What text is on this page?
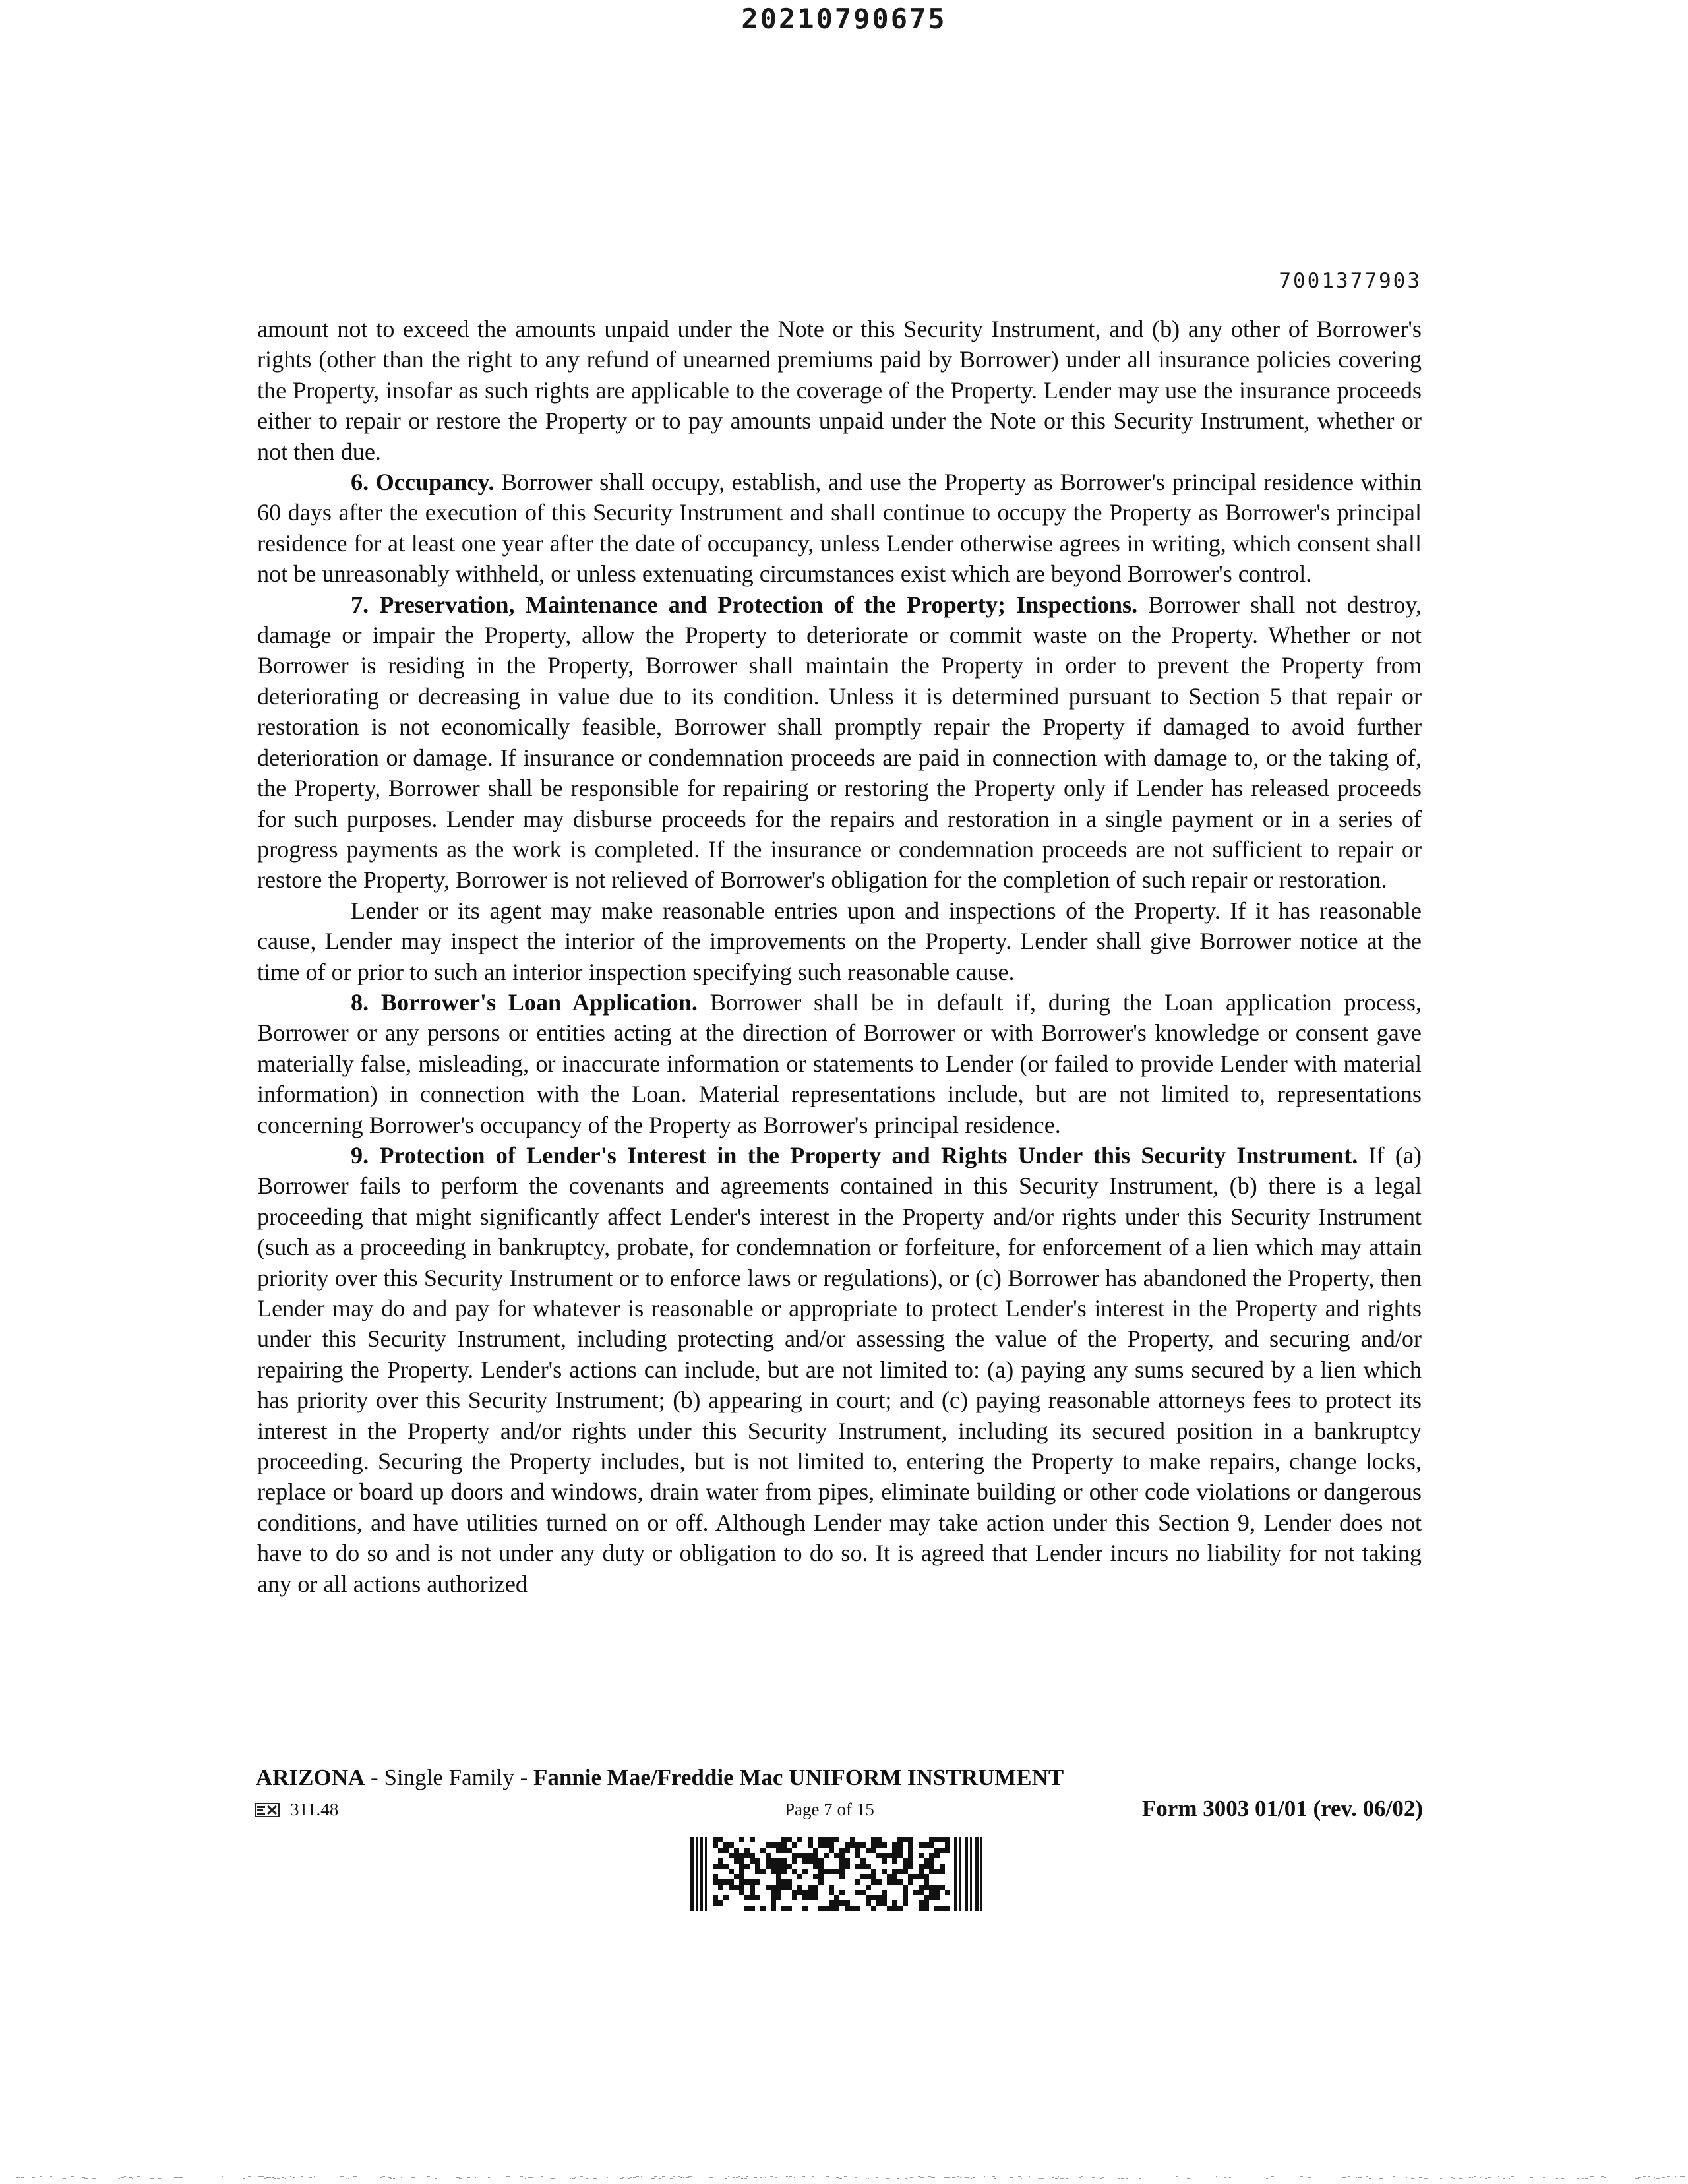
20210790675
7001377903

amount not to exceed the amounts unpaid under the Note or this Security Instrument, and (b) any other of Borrower's rights (other than the right to any refund of unearned premiums paid by Borrower) under all insurance policies covering the Property, insofar as such rights are applicable to the coverage of the Property. Lender may use the insurance proceeds either to repair or restore the Property or to pay amounts unpaid under the Note or this Security Instrument, whether or not then due.

6. Occupancy. Borrower shall occupy, establish, and use the Property as Borrower's principal residence within 60 days after the execution of this Security Instrument and shall continue to occupy the Property as Borrower's principal residence for at least one year after the date of occupancy, unless Lender otherwise agrees in writing, which consent shall not be unreasonably withheld, or unless extenuating circumstances exist which are beyond Borrower's control.

7. Preservation, Maintenance and Protection of the Property; Inspections. Borrower shall not destroy, damage or impair the Property, allow the Property to deteriorate or commit waste on the Property. Whether or not Borrower is residing in the Property, Borrower shall maintain the Property in order to prevent the Property from deteriorating or decreasing in value due to its condition. Unless it is determined pursuant to Section 5 that repair or restoration is not economically feasible, Borrower shall promptly repair the Property if damaged to avoid further deterioration or damage. If insurance or condemnation proceeds are paid in connection with damage to, or the taking of, the Property, Borrower shall be responsible for repairing or restoring the Property only if Lender has released proceeds for such purposes. Lender may disburse proceeds for the repairs and restoration in a single payment or in a series of progress payments as the work is completed. If the insurance or condemnation proceeds are not sufficient to repair or restore the Property, Borrower is not relieved of Borrower's obligation for the completion of such repair or restoration.

Lender or its agent may make reasonable entries upon and inspections of the Property. If it has reasonable cause, Lender may inspect the interior of the improvements on the Property. Lender shall give Borrower notice at the time of or prior to such an interior inspection specifying such reasonable cause.

8. Borrower's Loan Application. Borrower shall be in default if, during the Loan application process, Borrower or any persons or entities acting at the direction of Borrower or with Borrower's knowledge or consent gave materially false, misleading, or inaccurate information or statements to Lender (or failed to provide Lender with material information) in connection with the Loan. Material representations include, but are not limited to, representations concerning Borrower's occupancy of the Property as Borrower's principal residence.

9. Protection of Lender's Interest in the Property and Rights Under this Security Instrument. If (a) Borrower fails to perform the covenants and agreements contained in this Security Instrument, (b) there is a legal proceeding that might significantly affect Lender's interest in the Property and/or rights under this Security Instrument (such as a proceeding in bankruptcy, probate, for condemnation or forfeiture, for enforcement of a lien which may attain priority over this Security Instrument or to enforce laws or regulations), or (c) Borrower has abandoned the Property, then Lender may do and pay for whatever is reasonable or appropriate to protect Lender's interest in the Property and rights under this Security Instrument, including protecting and/or assessing the value of the Property, and securing and/or repairing the Property. Lender's actions can include, but are not limited to: (a) paying any sums secured by a lien which has priority over this Security Instrument; (b) appearing in court; and (c) paying reasonable attorneys fees to protect its interest in the Property and/or rights under this Security Instrument, including its secured position in a bankruptcy proceeding. Securing the Property includes, but is not limited to, entering the Property to make repairs, change locks, replace or board up doors and windows, drain water from pipes, eliminate building or other code violations or dangerous conditions, and have utilities turned on or off. Although Lender may take action under this Section 9, Lender does not have to do so and is not under any duty or obligation to do so. It is agreed that Lender incurs no liability for not taking any or all actions authorized

ARIZONA - Single Family - Fannie Mae/Freddie Mac UNIFORM INSTRUMENT
311.48	Page 7 of 15	Form 3003 01/01 (rev. 06/02)
